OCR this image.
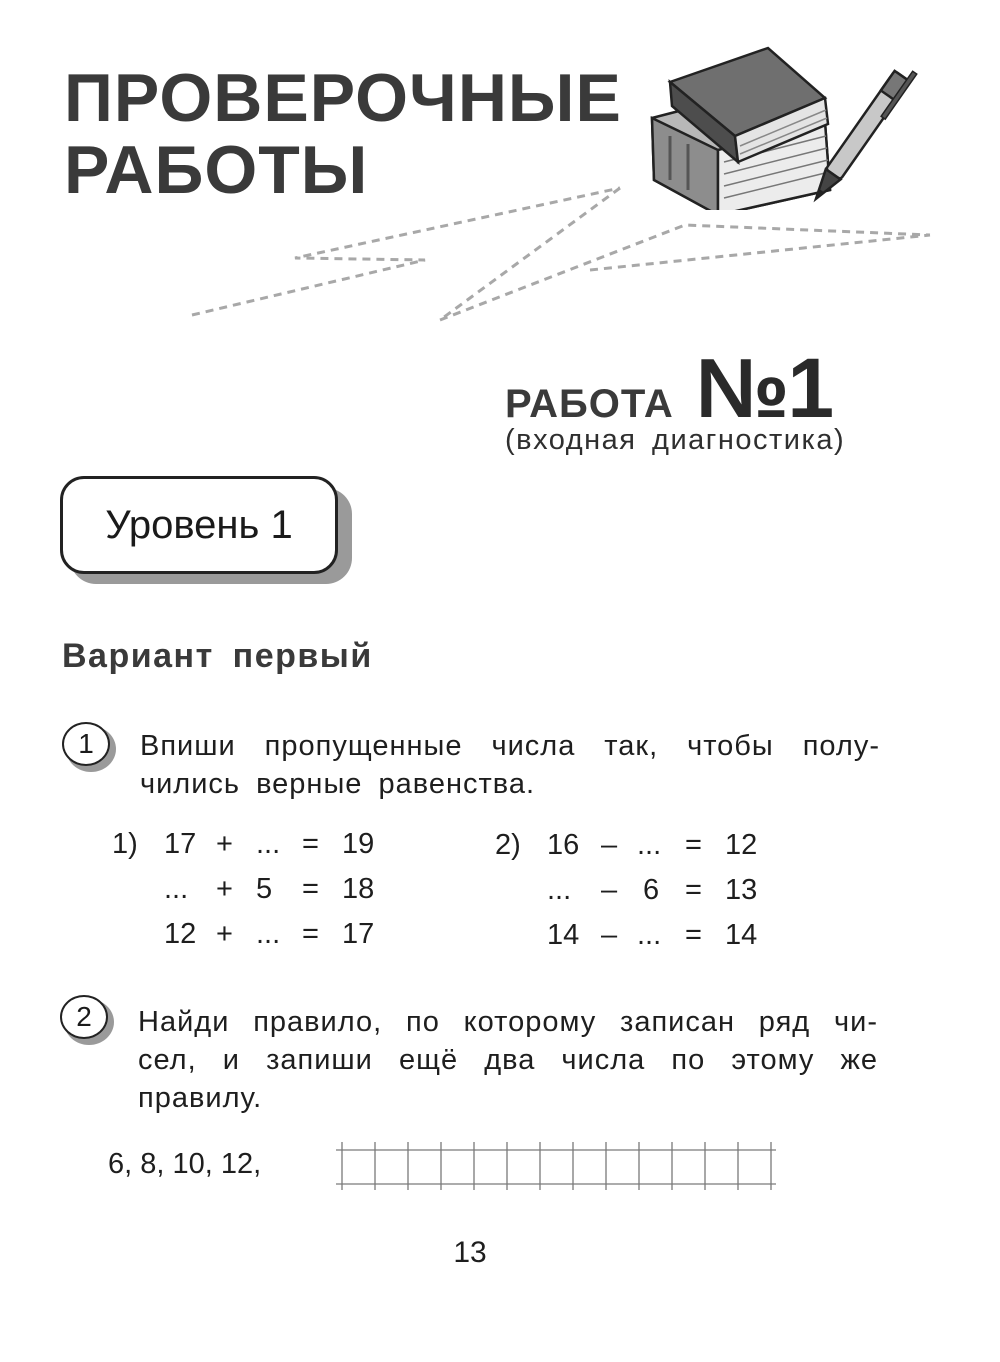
ПРОВЕРОЧНЫЕ
РАБОТЫ
РАБОТА №1
(входная диагностика)
Уровень 1
Вариант первый
1 Впиши пропущенные числа так, чтобы полу-
чились верные равенства.

1)

17

+

...

=

19

...

+

5

=

18

12

+

...

=

17

2)

16

–

...

=

12

...

–

6

=

13

14

–

...

=

14

2 Найди правило, по которому записан ряд чи-
сел, и запиши ещё два числа по этому же
правилу.
6, 8, 10, 12,
13
